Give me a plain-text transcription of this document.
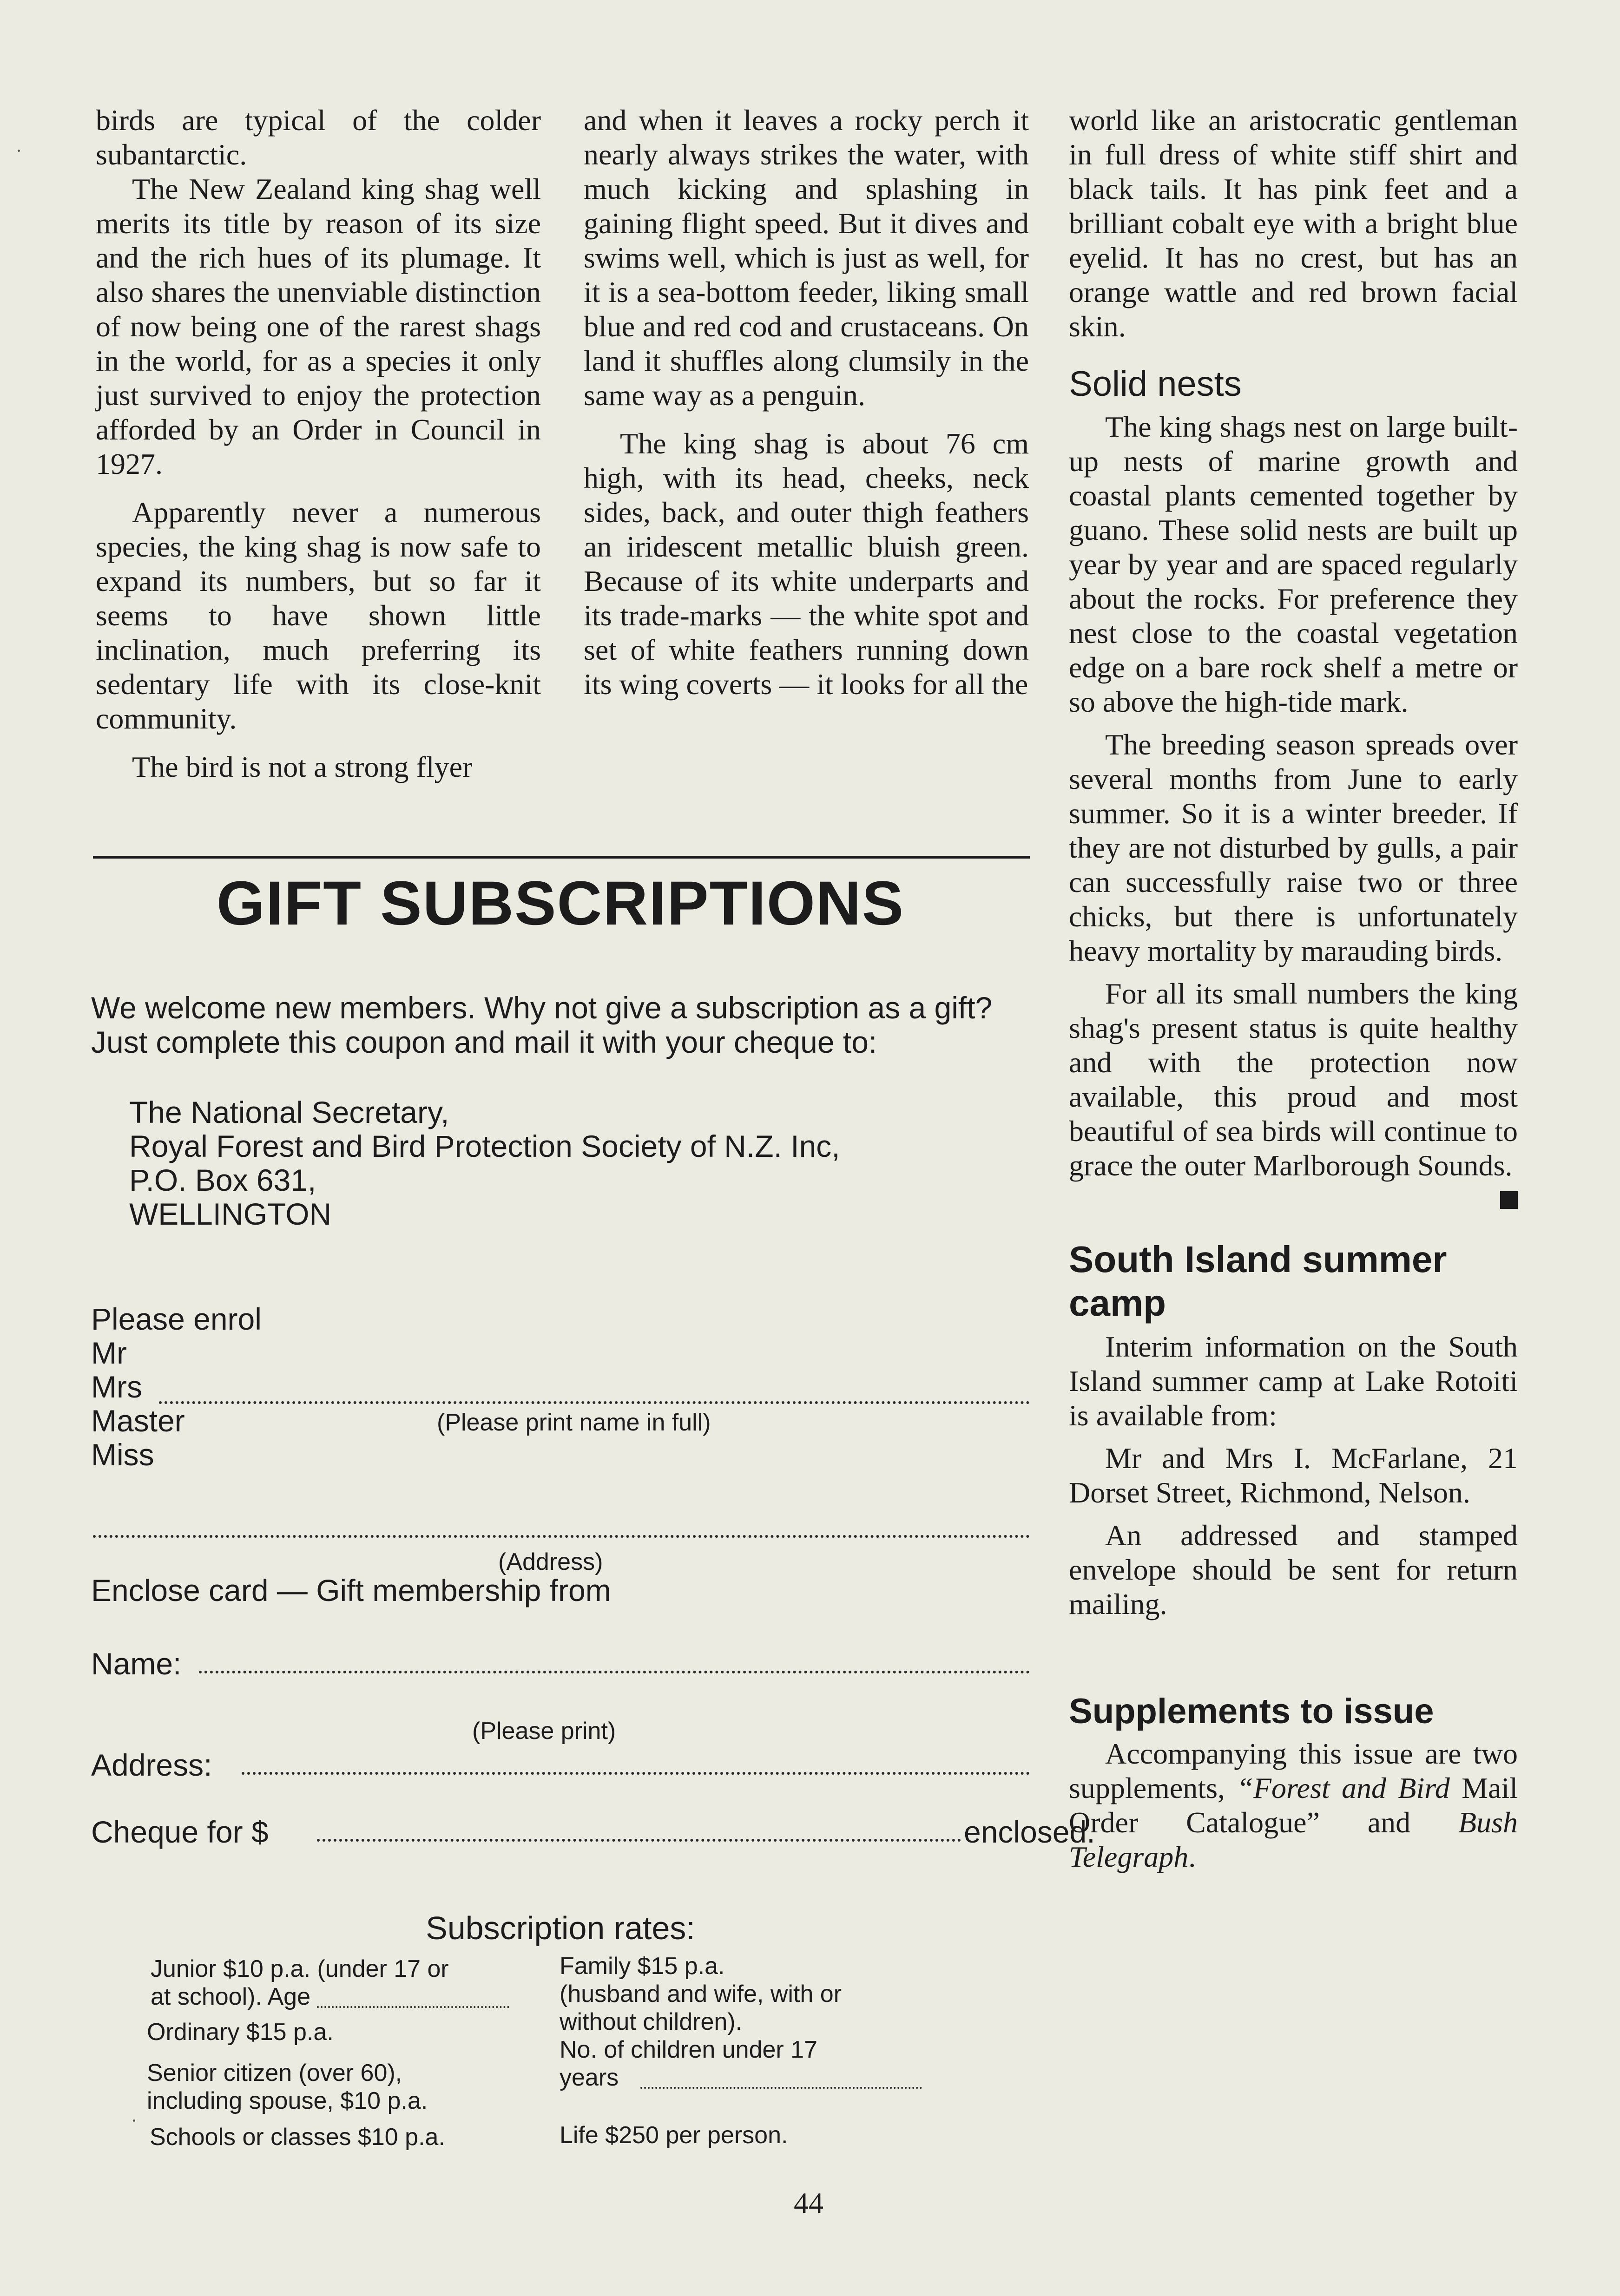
birds are typical of the colder subantarctic.

The New Zealand king shag well merits its title by reason of its size and the rich hues of its plumage. It also shares the unenviable distinction of now being one of the rarest shags in the world, for as a species it only just survived to enjoy the protection afforded by an Order in Council in 1927.

Apparently never a numerous species, the king shag is now safe to expand its numbers, but so far it seems to have shown little inclination, much preferring its sedentary life with its close-knit community.

The bird is not a strong flyer

and when it leaves a rocky perch it nearly always strikes the water, with much kicking and splashing in gaining flight speed. But it dives and swims well, which is just as well, for it is a sea-bottom feeder, liking small blue and red cod and crustaceans. On land it shuffles along clumsily in the same way as a penguin.

The king shag is about 76 cm high, with its head, cheeks, neck sides, back, and outer thigh feathers an iridescent metallic bluish green. Because of its white underparts and its trade-marks — the white spot and set of white feathers running down its wing coverts — it looks for all the

world like an aristocratic gentleman in full dress of white stiff shirt and black tails. It has pink feet and a brilliant cobalt eye with a bright blue eyelid. It has no crest, but has an orange wattle and red brown facial skin.

Solid nests

The king shags nest on large built-up nests of marine growth and coastal plants cemented together by guano. These solid nests are built up year by year and are spaced regularly about the rocks. For preference they nest close to the coastal vegetation edge on a bare rock shelf a metre or so above the high-tide mark.

The breeding season spreads over several months from June to early summer. So it is a winter breeder. If they are not disturbed by gulls, a pair can successfully raise two or three chicks, but there is unfortunately heavy mortality by marauding birds.

For all its small numbers the king shag's present status is quite healthy and with the protection now available, this proud and most beautiful of sea birds will continue to grace the outer Marlborough Sounds.

South Island summer camp

Interim information on the South Island summer camp at Lake Rotoiti is available from:

Mr and Mrs I. McFarlane, 21 Dorset Street, Richmond, Nelson.

An addressed and stamped envelope should be sent for return mailing.

Supplements to issue

Accompanying this issue are two supplements, “Forest and Bird Mail Order Catalogue” and Bush Telegraph.

GIFT SUBSCRIPTIONS

We welcome new members. Why not give a subscription as a gift? Just complete this coupon and mail it with your cheque to:

The National Secretary,
Royal Forest and Bird Protection Society of N.Z. Inc,
P.O. Box 631,
WELLINGTON
Please enrol
Mr
Mrs
Master	(Please print name in full)
Miss
(Address)
Enclose card — Gift membership from
Name:
(Please print)
Address:
Cheque for $	enclosed.
Subscription rates:
Junior $10 p.a. (under 17 or
at school). Age
Ordinary $15 p.a.
Senior citizen (over 60),
including spouse, $10 p.a.
Schools or classes $10 p.a.
Family $15 p.a.
(husband and wife, with or
without children).
No. of children under 17
years
Life $250 per person.
44
